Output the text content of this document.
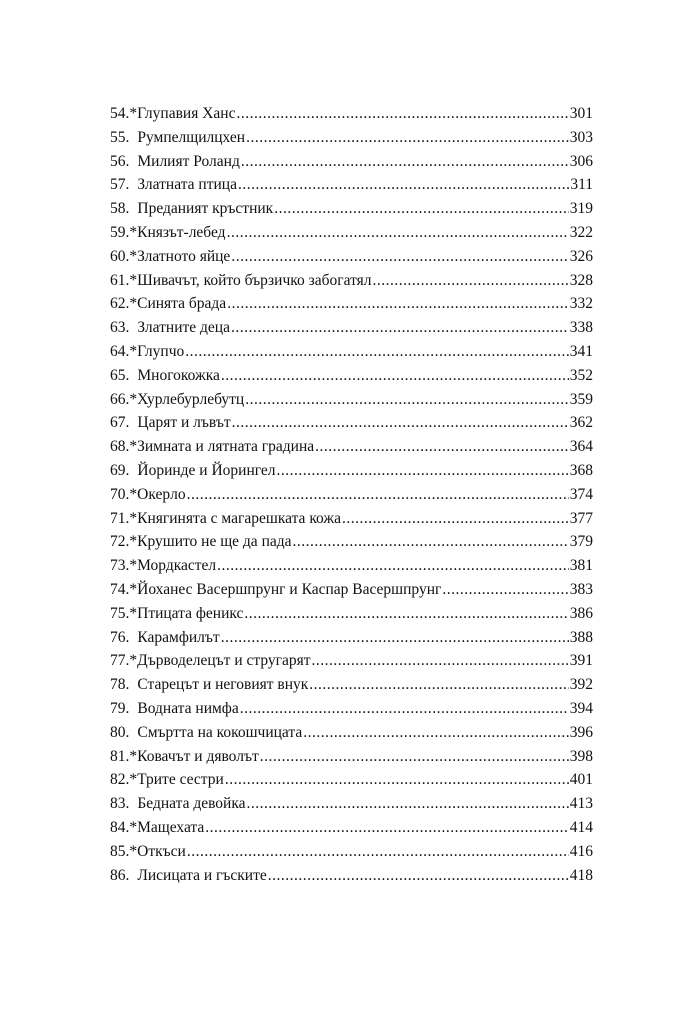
54.* Глупавия Ханс .....	301
55. Румпелщилцхен .....	303
56. Милият Роланд .....	306
57. Златната птица .....	311
58. Преданият кръстник .....	319
59.* Князът-лебед .....	322
60.* Златното яйце .....	326
61.* Шивачът, който бързичко забогатял .....	328
62.* Синята брада .....	332
63. Златните деца .....	338
64.* Глупчо .....	341
65. Многокожка .....	352
66.* Хурлебурлебутц .....	359
67. Царят и лъвът .....	362
68.* Зимната и лятната градина .....	364
69. Йоринде и Йорингел .....	368
70.* Океpло .....	374
71.* Княгинята с магарешката кожа .....	377
72.* Крушито не ще да пада .....	379
73.* Мордкастел .....	381
74.* Йоханес Васершпрунг и Каспар Васершпрунг .....	383
75.* Птицата феникс .....	386
76. Карамфилът .....	388
77.* Дърводелецът и стругарят .....	391
78. Старецът и неговият внук .....	392
79. Водната нимфа .....	394
80. Смъртта на кокошчицата .....	396
81.* Ковачът и дяволът .....	398
82.* Трите сестри .....	401
83. Бедната девойка .....	413
84.* Мащехата .....	414
85.* Откъси .....	416
86. Лисицата и гъските .....	418
